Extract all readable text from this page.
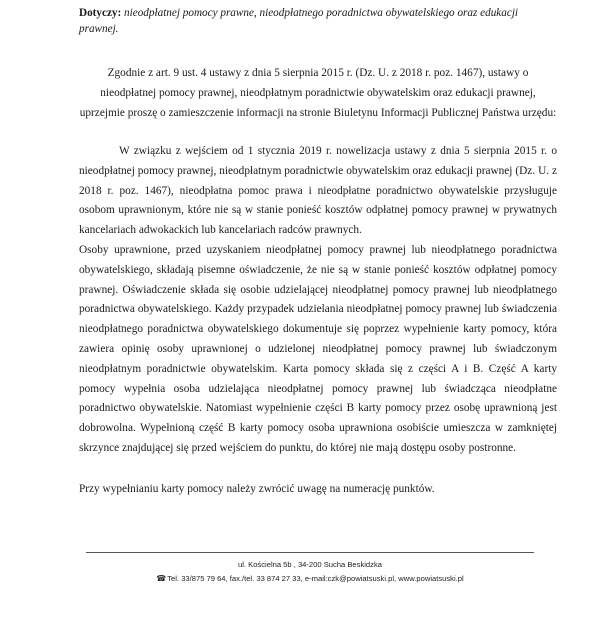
Dotyczy: nieodpłatnej pomocy prawne, nieodpłatnego poradnictwa obywatelskiego oraz edukacji prawnej.
Zgodnie z art. 9 ust. 4 ustawy z dnia 5 sierpnia 2015 r. (Dz. U. z 2018 r. poz. 1467), ustawy o nieodpłatnej pomocy prawnej, nieodpłatnym poradnictwie obywatelskim oraz edukacji prawnej, uprzejmie proszę o zamieszczenie informacji na stronie Biuletynu Informacji Publicznej Państwa urzędu:
W związku z wejściem od 1 stycznia 2019 r. nowelizacja ustawy z dnia 5 sierpnia 2015 r. o nieodpłatnej pomocy prawnej, nieodpłatnym poradnictwie obywatelskim oraz edukacji prawnej (Dz. U. z 2018 r. poz. 1467), nieodpłatna pomoc prawa i nieodpłatne poradnictwo obywatelskie przysługuje osobom uprawnionym, które nie są w stanie ponieść kosztów odpłatnej pomocy prawnej w prywatnych kancelariach adwokackich lub kancelariach radców prawnych.
Osoby uprawnione, przed uzyskaniem nieodpłatnej pomocy prawnej lub nieodpłatnego poradnictwa obywatelskiego, składają pisemne oświadczenie, że nie są w stanie ponieść kosztów odpłatnej pomocy prawnej. Oświadczenie składa się osobie udzielającej nieodpłatnej pomocy prawnej lub nieodpłatnego poradnictwa obywatelskiego. Każdy przypadek udzielania nieodpłatnej pomocy prawnej lub świadczenia nieodpłatnego poradnictwa obywatelskiego dokumentuje się poprzez wypełnienie karty pomocy, która zawiera opinię osoby uprawnionej o udzielonej nieodpłatnej pomocy prawnej lub świadczonym nieodpłatnym poradnictwie obywatelskim. Karta pomocy składa się z części A i B. Część A karty pomocy wypełnia osoba udzielająca nieodpłatnej pomocy prawnej lub świadcząca nieodpłatne poradnictwo obywatelskie. Natomiast wypełnienie części B karty pomocy przez osobę uprawnioną jest dobrowolna. Wypełnioną część B karty pomocy osoba uprawniona osobiście umieszcza w zamkniętej skrzynce znajdującej się przed wejściem do punktu, do której nie mają dostępu osoby postronne.
Przy wypełnianiu karty pomocy należy zwrócić uwagę na numerację punktów.
ul. Kościelna 5b , 34-200 Sucha Beskidzka
☎Tel. 33/875 79 64, fax./tel. 33 874 27 33, e-mail:czk@powiatsuski.pl, www.powiatsuski.pl
